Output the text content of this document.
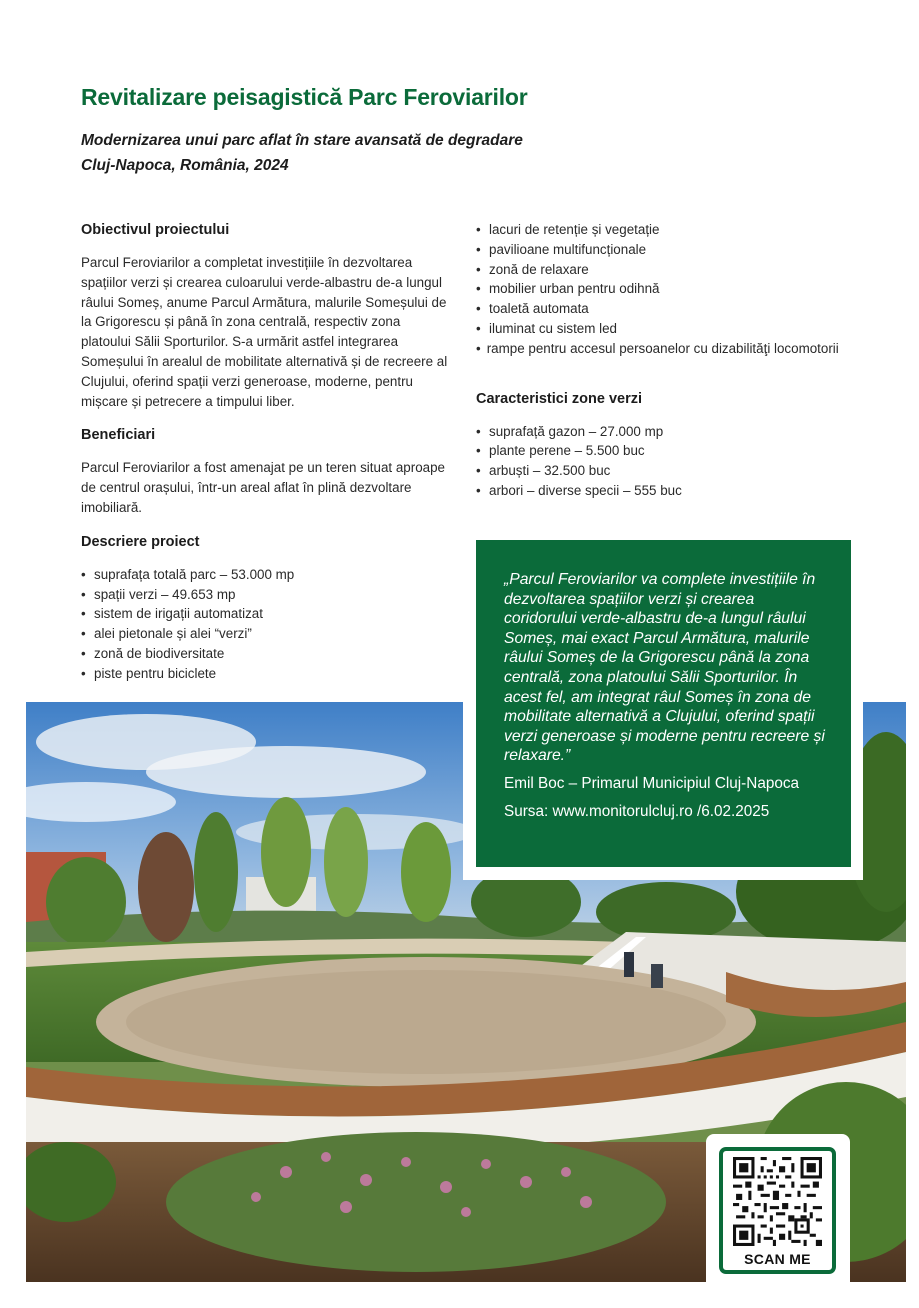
Revitalizare peisagistică Parc Feroviarilor
Modernizarea unui parc aflat în stare avansată de degradare
Cluj-Napoca, România, 2024
Obiectivul proiectului

Parcul Feroviarilor a completat investițiile în dezvoltarea spațiilor verzi și crearea culoarului verde-albastru de-a lungul râului Someș, anume Parcul Armătura, malurile Someșului de la Grigorescu și până în zona centrală, respectiv zona platoului Sălii Sporturilor. S-a urmărit astfel integrarea Someșului în arealul de mobilitate alternativă și de recreere al Clujului, oferind spații verzi generoase, moderne, pentru mișcare și petrecere a timpului liber.

Beneficiari

Parcul Feroviarilor a fost amenajat pe un teren situat aproape de centrul orașului, într-un areal aflat în plină dezvoltare imobiliară.

Descriere proiect
• suprafața totală parc – 53.000 mp
• spații verzi – 49.653 mp
• sistem de irigații automatizat
• alei pietonale și alei “verzi”
• zonă de biodiversitate
• piste pentru biciclete
• lacuri de retenție și vegetație
• pavilioane multifuncționale
• zonă de relaxare
• mobilier urban pentru odihnă
• toaletă automata
• iluminat cu sistem led
• rampe pentru accesul persoanelor cu dizabilităţi locomotorii
Caracteristici zone verzi
• suprafață gazon – 27.000 mp
• plante perene – 5.500 buc
• arbuști – 32.500 buc
• arbori – diverse specii – 555 buc

„Parcul Feroviarilor va complete investițiile în dezvoltarea spațiilor verzi și crearea coridorului verde-albastru de-a lungul râului Someș, mai exact Parcul Armătura, malurile râului Someș de la Grigorescu până la zona centrală, zona platoului Sălii Sporturilor. În acest fel, am integrat râul Someș în zona de mobilitate alternativă a Clujului, oferind spații verzi generoase și moderne pentru recreere și relaxare.”

Emil Boc – Primarul Municipiul Cluj-Napoca

Sursa: www.monitorulcluj.ro /6.02.2025

SCAN ME
